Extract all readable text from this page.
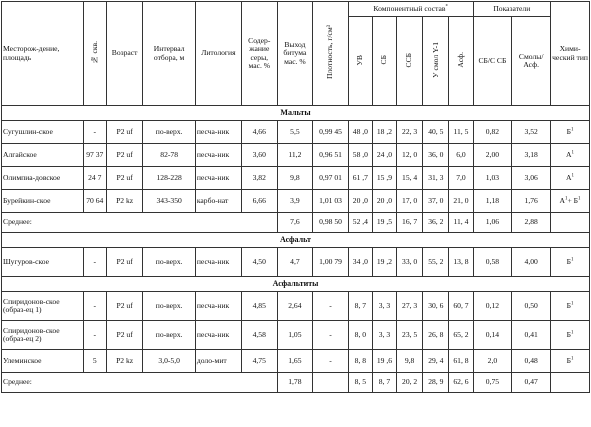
Месторож-дение, площадь	№ скв.	Возраст	Интервал отбора, м	Литология	Содер-жание серы, мас. %	Выход битума мас. %	Плотность, г/см³	Компонентный состав*					Показатели		Хими-ческий тип
								УВ	СБ	ССБ	У смол Y-1	Асф.	СБ/С СБ	Смолы/ Асф.	
Мальты															
Сугушлин-ское	-	P2 uf	по-верх.	песча-ник	4,66	5,5	0,99 45	48 ,0	18 ,2	22, 3	40, 5	11, 5	0,82	3,52	$Б^1$
Алгайское	97 37	P2 uf	82-78	песча-ник	3,60	11,2	0,96 51	58 ,0	24 ,0	12, 0	36, 0	6,0	2,00	3,18	$А^1$
Олимпиа-довское	24 7	P2 uf	128-228	песча-ник	3,82	9,8	0,97 01	61 ,7	15 ,9	15, 4	31, 3	7,0	1,03	3,06	$А^1$
Бурейкин-ское	70 64	P2 kz	343-350	карбо-нат	6,66	3,9	1,01 03	20 ,0	20 ,0	17, 0	37, 0	21, 0	1,18	1,76	$А^1+ Б^1$
Среднее:						7,6	0,98 50	52 ,4	19 ,5	16, 7	36, 2	11, 4	1,06	2,88	
Асфальт															
Шугуров-ское	-	P2 uf	по-верх.	песча-ник	4,50	4,7	1,00 79	34 ,0	19 ,2	33, 0	55, 2	13, 8	0,58	4,00	$Б^1$
Асфальтиты															
Спиридонов-ское (образ-ец 1)	-	P2 uf	по-верх.	песча-ник	4,85	2,64	-	8, 7	3, 3	27, 3	30, 6	60, 7	0,12	0,50	$Б^1$
Спиридонов-ское (образ-ец 2)	-	P2 uf	по-верх.	песча-ник	4,58	1,05	-	8, 0	3, 3	23, 5	26, 8	65, 2	0,14	0,41	$Б^1$
Улеминское	5	P2 kz	3,0-5,0	доло-мит	4,75	1,65	-	8, 8	19 ,6	9,8	29, 4	61, 8	2,0	0,48	$Б^1$
Среднее:						1,78		8, 5	8, 7	20, 2	28, 9	62, 6	0,75	0,47	
